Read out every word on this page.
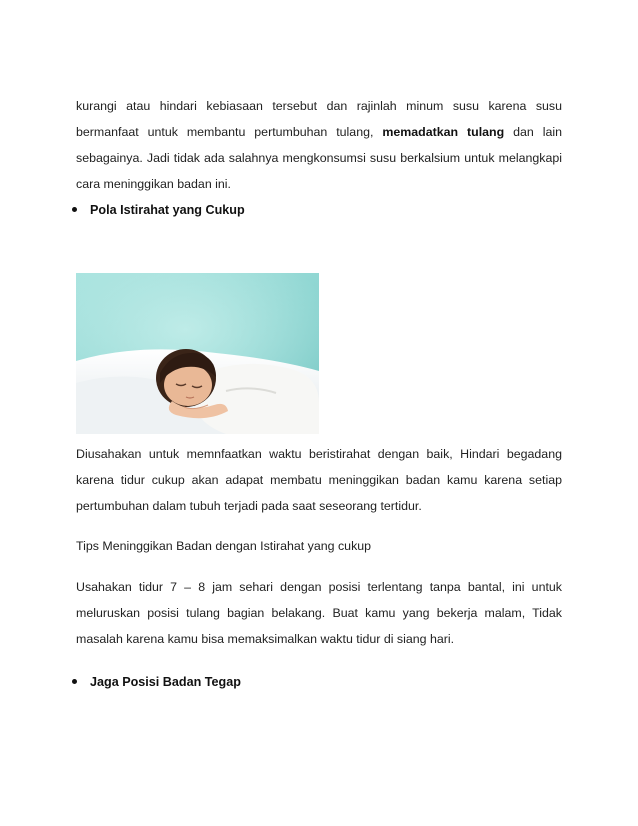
kurangi atau hindari kebiasaan tersebut dan rajinlah minum susu karena susu bermanfaat untuk membantu pertumbuhan tulang, memadatkan tulang dan lain sebagainya. Jadi tidak ada salahnya mengkonsumsi susu berkalsium untuk melangkapi cara meninggikan badan ini.

Pola Istirahat yang Cukup

Diusahakan untuk memnfaatkan waktu beristirahat dengan baik, Hindari begadang karena tidur cukup akan adapat membatu meninggikan badan kamu karena setiap pertumbuhan dalam tubuh terjadi pada saat seseorang tertidur.

Tips Meninggikan Badan dengan Istirahat yang cukup

Usahakan tidur 7 – 8 jam sehari dengan posisi terlentang tanpa bantal, ini untuk meluruskan posisi tulang bagian belakang. Buat kamu yang bekerja malam, Tidak masalah karena kamu bisa memaksimalkan waktu tidur di siang hari.

Jaga Posisi Badan Tegap
